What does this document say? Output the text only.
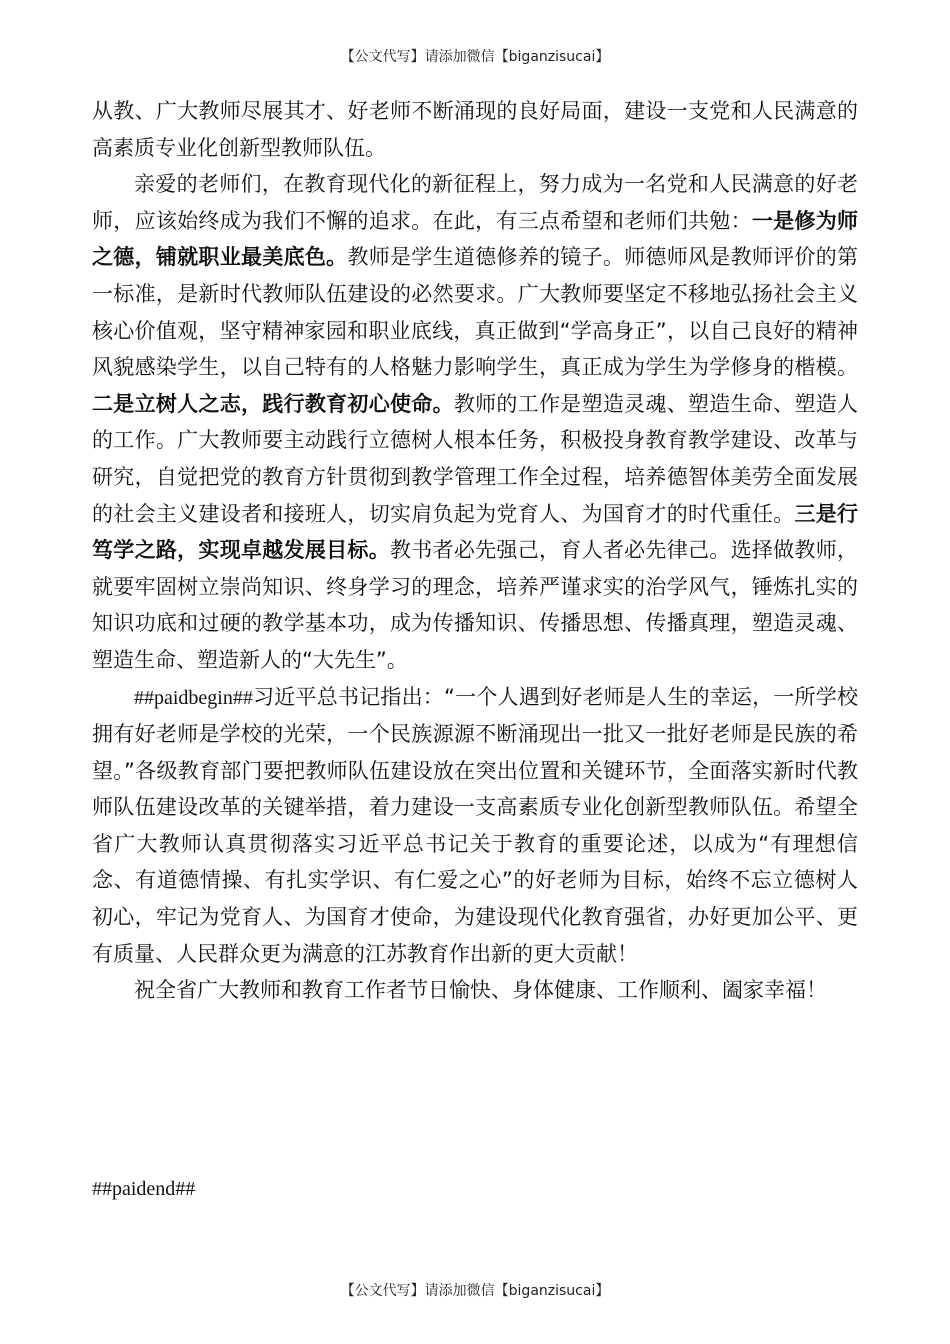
【公文代写】请添加微信【biganzisucai】

从教、广大教师尽展其才、好老师不断涌现的良好局面，建设一支党和人民满意的高素质专业化创新型教师队伍。

亲爱的老师们，在教育现代化的新征程上，努力成为一名党和人民满意的好老师，应该始终成为我们不懈的追求。在此，有三点希望和老师们共勉：一是修为师之德，铺就职业最美底色。教师是学生道德修养的镜子。师德师风是教师评价的第一标准，是新时代教师队伍建设的必然要求。广大教师要坚定不移地弘扬社会主义核心价值观，坚守精神家园和职业底线，真正做到“学高身正”，以自己良好的精神风貌感染学生，以自己特有的人格魅力影响学生，真正成为学生为学修身的楷模。二是立树人之志，践行教育初心使命。教师的工作是塑造灵魂、塑造生命、塑造人的工作。广大教师要主动践行立德树人根本任务，积极投身教育教学建设、改革与研究，自觉把党的教育方针贯彻到教学管理工作全过程，培养德智体美劳全面发展的社会主义建设者和接班人，切实肩负起为党育人、为国育才的时代重任。三是行笃学之路，实现卓越发展目标。教书者必先强己，育人者必先律己。选择做教师，就要牢固树立崇尚知识、终身学习的理念，培养严谨求实的治学风气，锤炼扎实的知识功底和过硬的教学基本功，成为传播知识、传播思想、传播真理，塑造灵魂、塑造生命、塑造新人的“大先生”。

##paidbegin##习近平总书记指出：“一个人遇到好老师是人生的幸运，一所学校拥有好老师是学校的光荣，一个民族源源不断涌现出一批又一批好老师是民族的希望。”各级教育部门要把教师队伍建设放在突出位置和关键环节，全面落实新时代教师队伍建设改革的关键举措，着力建设一支高素质专业化创新型教师队伍。希望全省广大教师认真贯彻落实习近平总书记关于教育的重要论述，以成为“有理想信念、有道德情操、有扎实学识、有仁爱之心”的好老师为目标，始终不忘立德树人初心，牢记为党育人、为国育才使命，为建设现代化教育强省，办好更加公平、更有质量、人民群众更为满意的江苏教育作出新的更大贡献！

祝全省广大教师和教育工作者节日愉快、身体健康、工作顺利、阖家幸福！

##paidend##
【公文代写】请添加微信【biganzisucai】
